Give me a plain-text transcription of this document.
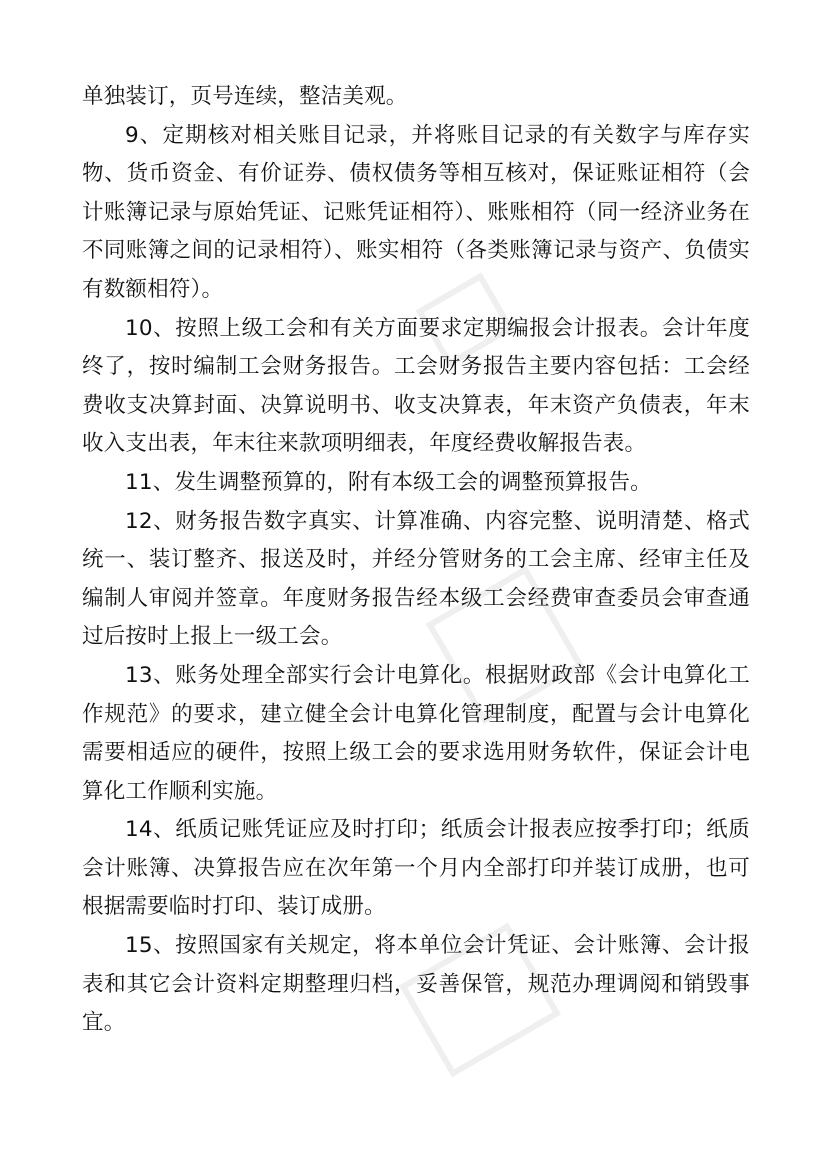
单独装订，页号连续，整洁美观。

9、定期核对相关账目记录，并将账目记录的有关数字与库存实物、货币资金、有价证券、债权债务等相互核对，保证账证相符（会计账簿记录与原始凭证、记账凭证相符）、账账相符（同一经济业务在不同账簿之间的记录相符）、账实相符（各类账簿记录与资产、负债实有数额相符）。

10、按照上级工会和有关方面要求定期编报会计报表。会计年度终了，按时编制工会财务报告。工会财务报告主要内容包括：工会经费收支决算封面、决算说明书、收支决算表，年末资产负债表，年末收入支出表，年末往来款项明细表，年度经费收解报告表。

11、发生调整预算的，附有本级工会的调整预算报告。

12、财务报告数字真实、计算准确、内容完整、说明清楚、格式统一、装订整齐、报送及时，并经分管财务的工会主席、经审主任及编制人审阅并签章。年度财务报告经本级工会经费审查委员会审查通过后按时上报上一级工会。

13、账务处理全部实行会计电算化。根据财政部《会计电算化工作规范》的要求，建立健全会计电算化管理制度，配置与会计电算化需要相适应的硬件，按照上级工会的要求选用财务软件，保证会计电算化工作顺利实施。

14、纸质记账凭证应及时打印；纸质会计报表应按季打印；纸质会计账簿、决算报告应在次年第一个月内全部打印并装订成册，也可根据需要临时打印、装订成册。

15、按照国家有关规定，将本单位会计凭证、会计账簿、会计报表和其它会计资料定期整理归档，妥善保管，规范办理调阅和销毁事宜。
